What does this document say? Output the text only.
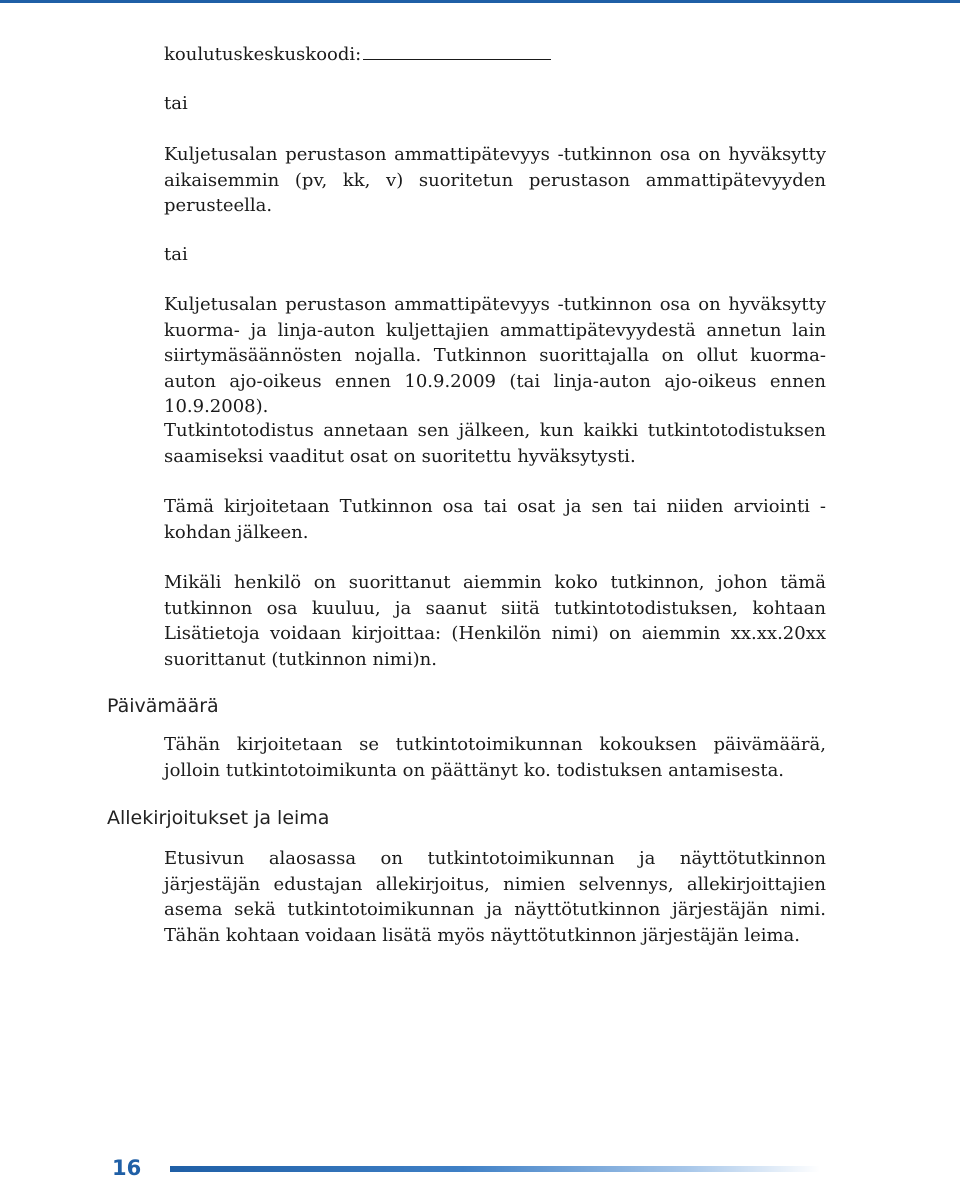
koulutuskeskuskoodi:

tai

Kuljetusalan perustason ammattipätevyys -tutkinnon osa on hyväksytty aikaisemmin (pv, kk, v) suoritetun perustason ammattipätevyyden perusteella.

tai

Kuljetusalan perustason ammattipätevyys -tutkinnon osa on hyväksytty kuorma- ja linja-auton kuljettajien ammattipätevyydestä annetun lain siirtymäsäännösten nojalla. Tutkinnon suorittajalla on ollut kuorma-auton ajo-oikeus ennen 10.9.2009 (tai linja-auton ajo-oikeus ennen 10.9.2008).

Tutkintotodistus annetaan sen jälkeen, kun kaikki tutkintotodistuksen saamiseksi vaaditut osat on suoritettu hyväksytysti.

Tämä kirjoitetaan Tutkinnon osa tai osat ja sen tai niiden arviointi -kohdan jälkeen.

Mikäli henkilö on suorittanut aiemmin koko tutkinnon, johon tämä tutkinnon osa kuuluu, ja saanut siitä tutkintotodistuksen, kohtaan Lisätietoja voidaan kirjoittaa: (Henkilön nimi) on aiemmin xx.xx.20xx suorittanut (tutkinnon nimi)n.

Tähän kirjoitetaan se tutkintotoimikunnan kokouksen päivämäärä, jolloin tutkintotoimikunta on päättänyt ko. todistuksen antamisesta.

Etusivun alaosassa on tutkintotoimikunnan ja näyttötutkinnon järjestäjän edustajan allekirjoitus, nimien selvennys, allekirjoittajien asema sekä tutkintotoimikunnan ja näyttötutkinnon järjestäjän nimi. Tähän kohtaan voidaan lisätä myös näyttötutkinnon järjestäjän leima.

Päivämäärä
Allekirjoitukset ja leima
16
